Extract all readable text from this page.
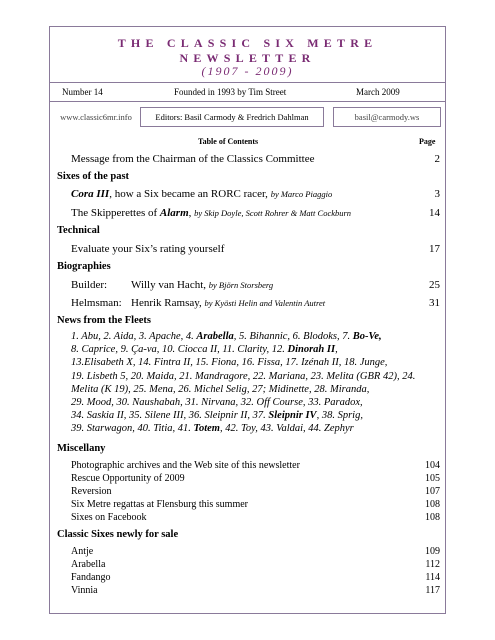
THE CLASSIC SIX METRE NEWSLETTER
(1907 - 2009)
Number 14	Founded in 1993 by Tim Street	March 2009
www.classic6mr.info	Editors: Basil Carmody & Fredrich Dahlman	basil@carmody.ws
Table of Contents	Page
Message from the Chairman of the Classics Committee	2
Sixes of the past
Cora III, how a Six became an RORC racer, by Marco Piaggio	3
The Skipperettes of Alarm, by Skip Doyle, Scott Rohrer & Matt Cockburn	14
Technical
Evaluate your Six’s rating yourself	17
Biographies
Builder: Willy van Hacht, by Björn Storsberg	25
Helmsman: Henrik Ramsay, by Kyösti Helin and Valentin Autret	31
News from the Fleets
1. Abu, 2. Aida, 3. Apache, 4. Arabella, 5. Bihannic, 6. Blodoks, 7. Bo-Ve,
8. Caprice, 9. Ça-va, 10. Ciocca II, 11. Clarity, 12. Dinorah II,
13.Elisabeth X, 14. Fintra II, 15. Fiona, 16. Fissa, 17. Izénah II, 18. Junge,
19. Lisbeth 5, 20. Maida, 21. Mandragore, 22. Mariana, 23. Melita (GBR 42), 24.
Melita (K 19), 25. Mena, 26. Michel Selig, 27; Midinette, 28. Miranda,
29. Mood, 30. Naushabah, 31. Nirvana, 32. Off Course, 33. Paradox,
34. Saskia II, 35. Silene III, 36. Sleipnir II, 37. Sleipnir IV, 38. Sprig,
39. Starwagon, 40. Titia, 41. Totem, 42. Toy, 43. Valdai, 44. Zephyr
Miscellany
Photographic archives and the Web site of this newsletter	104
Rescue Opportunity of 2009	105
Reversion	107
Six Metre regattas at Flensburg this summer	108
Sixes on Facebook	108
Classic Sixes newly for sale
Antje	109
Arabella	112
Fandango	114
Vinnia	117
